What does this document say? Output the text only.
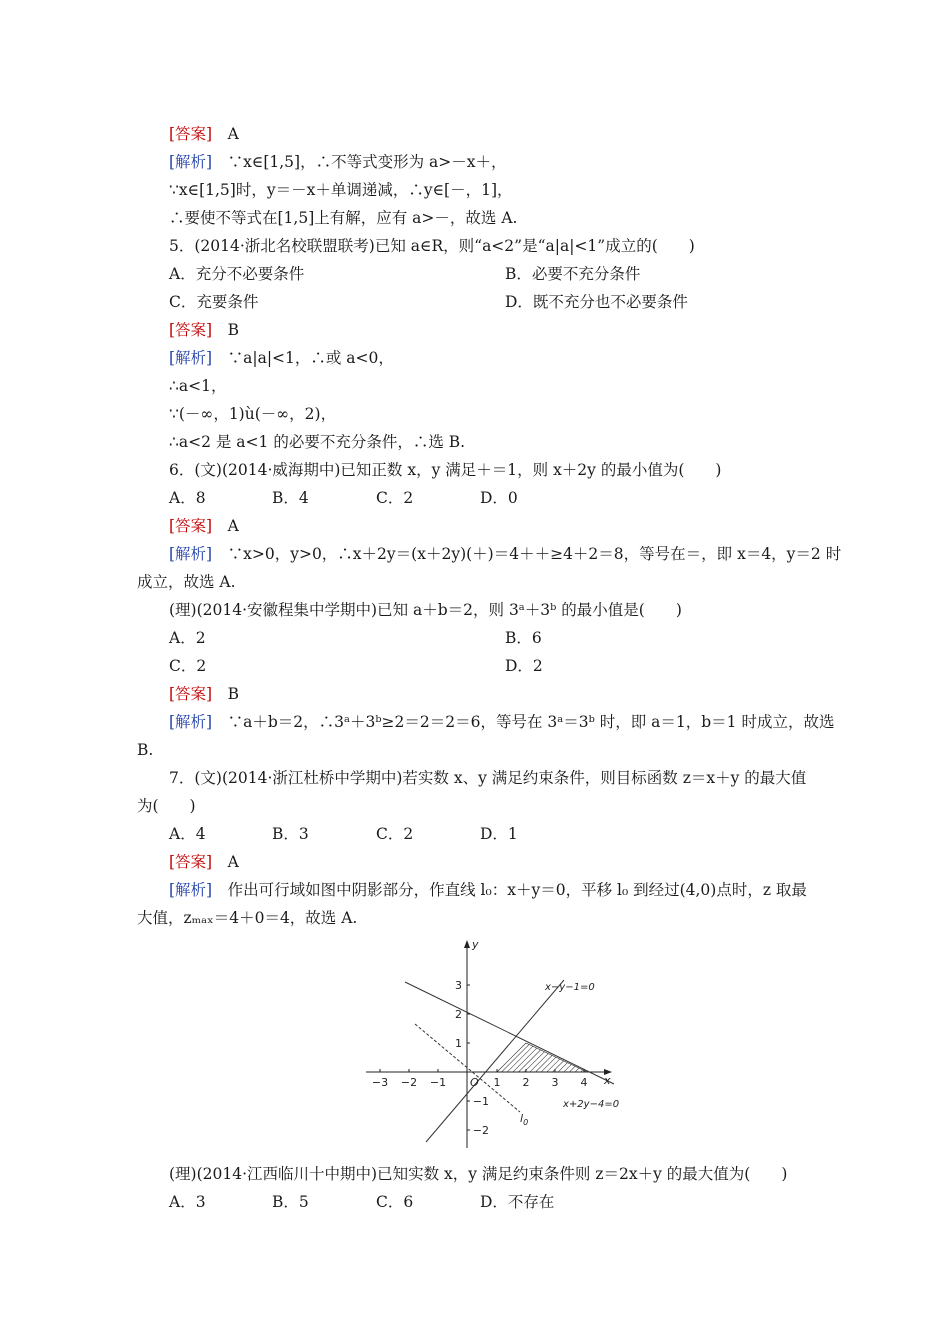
[答案]　A
[解析]　∵x∈[1,5]，∴不等式变形为 a>－x＋，
∵x∈[1,5]时，y＝－x＋单调递减，∴y∈[－，1]，
∴要使不等式在[1,5]上有解，应有 a>－，故选 A.
5．(2014·浙北名校联盟联考)已知 a∈R，则“a<2”是“a|a|<1”成立的(　　)
A．充分不必要条件	B．必要不充分条件
C．充要条件	D．既不充分也不必要条件
[答案]　B
[解析]　∵a|a|<1，∴或 a<0，
∴a<1，
∵(－∞，1)ù(－∞，2)，
∴a<2 是 a<1 的必要不充分条件，∴选 B.
6．(文)(2014·威海期中)已知正数 x，y 满足＋＝1，则 x＋2y 的最小值为(　　)
A．8	B．4	C．2	D．0
[答案]　A
[解析]　∵x>0，y>0，∴x＋2y＝(x＋2y)(＋)＝4＋＋≥4＋2＝8，等号在＝，即 x＝4，y＝2 时
成立，故选 A.
(理)(2014·安徽程集中学期中)已知 a＋b＝2，则 3ᵃ＋3ᵇ 的最小值是(　　)
A．2	B．6
C．2	D．2
[答案]　B
[解析]　∵a＋b＝2，∴3ᵃ＋3ᵇ≥2＝2＝2＝6，等号在 3ᵃ＝3ᵇ 时，即 a＝1，b＝1 时成立，故选
B.
7．(文)(2014·浙江杜桥中学期中)若实数 x、y 满足约束条件，则目标函数 z＝x＋y 的最大值
为(　　)
A．4	B．3	C．2	D．1
[答案]　A
[解析]　作出可行域如图中阴影部分，作直线 l₀：x＋y＝0，平移 l₀ 到经过(4,0)点时，z 取最
大值，zₘₐₓ＝4＋0＝4，故选 A.
−3 −2 −1	1 2 3 4
3
2
1
−1
−2
O	x
y
x−y−1=0
x+2y−4=0
$l_0$
(理)(2014·江西临川十中期中)已知实数 x，y 满足约束条件则 z＝2x＋y 的最大值为(　　)
A．3	B．5	C．6	D．不存在
